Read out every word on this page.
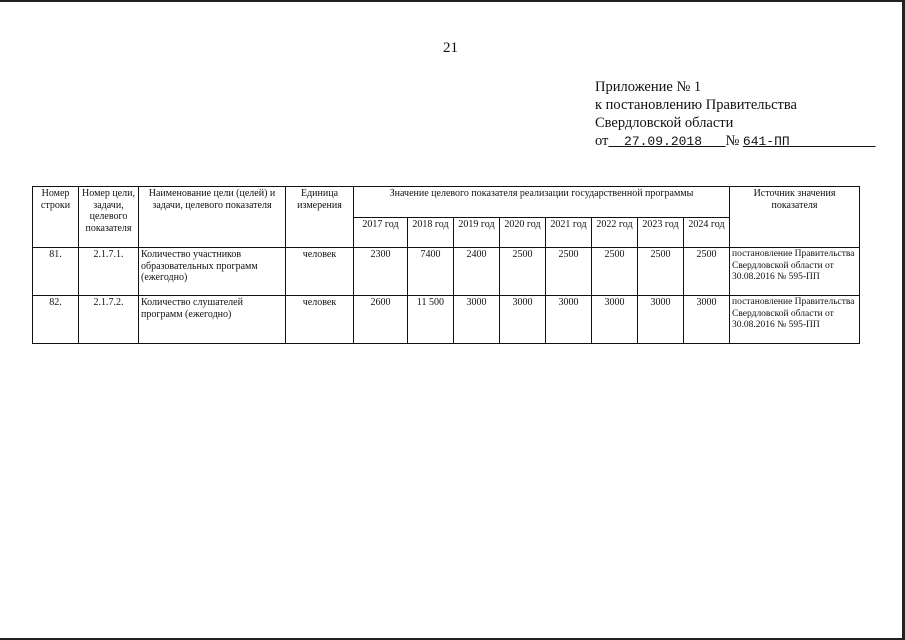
21
Приложение № 1
к постановлению Правительства
Свердловской области
от 27.09.2018 № 641-ПП
Номер строки	Номер цели, задачи, целевого показателя	Наименование цели (целей) и задачи, целевого показателя	Единица измерения	Значение целевого показателя реализации государственной программы								Источник значения показателя
				2017 год	2018 год	2019 год	2020 год	2021 год	2022 год	2023 год	2024 год	
81.	2.1.7.1.	Количество участников образовательных программ (ежегодно)	человек	2300	7400	2400	2500	2500	2500	2500	2500	постановление Правительства Свердловской области от 30.08.2016 № 595-ПП
82.	2.1.7.2.	Количество слушателей программ (ежегодно)	человек	2600	11 500	3000	3000	3000	3000	3000	3000	постановление Правительства Свердловской области от 30.08.2016 № 595-ПП
